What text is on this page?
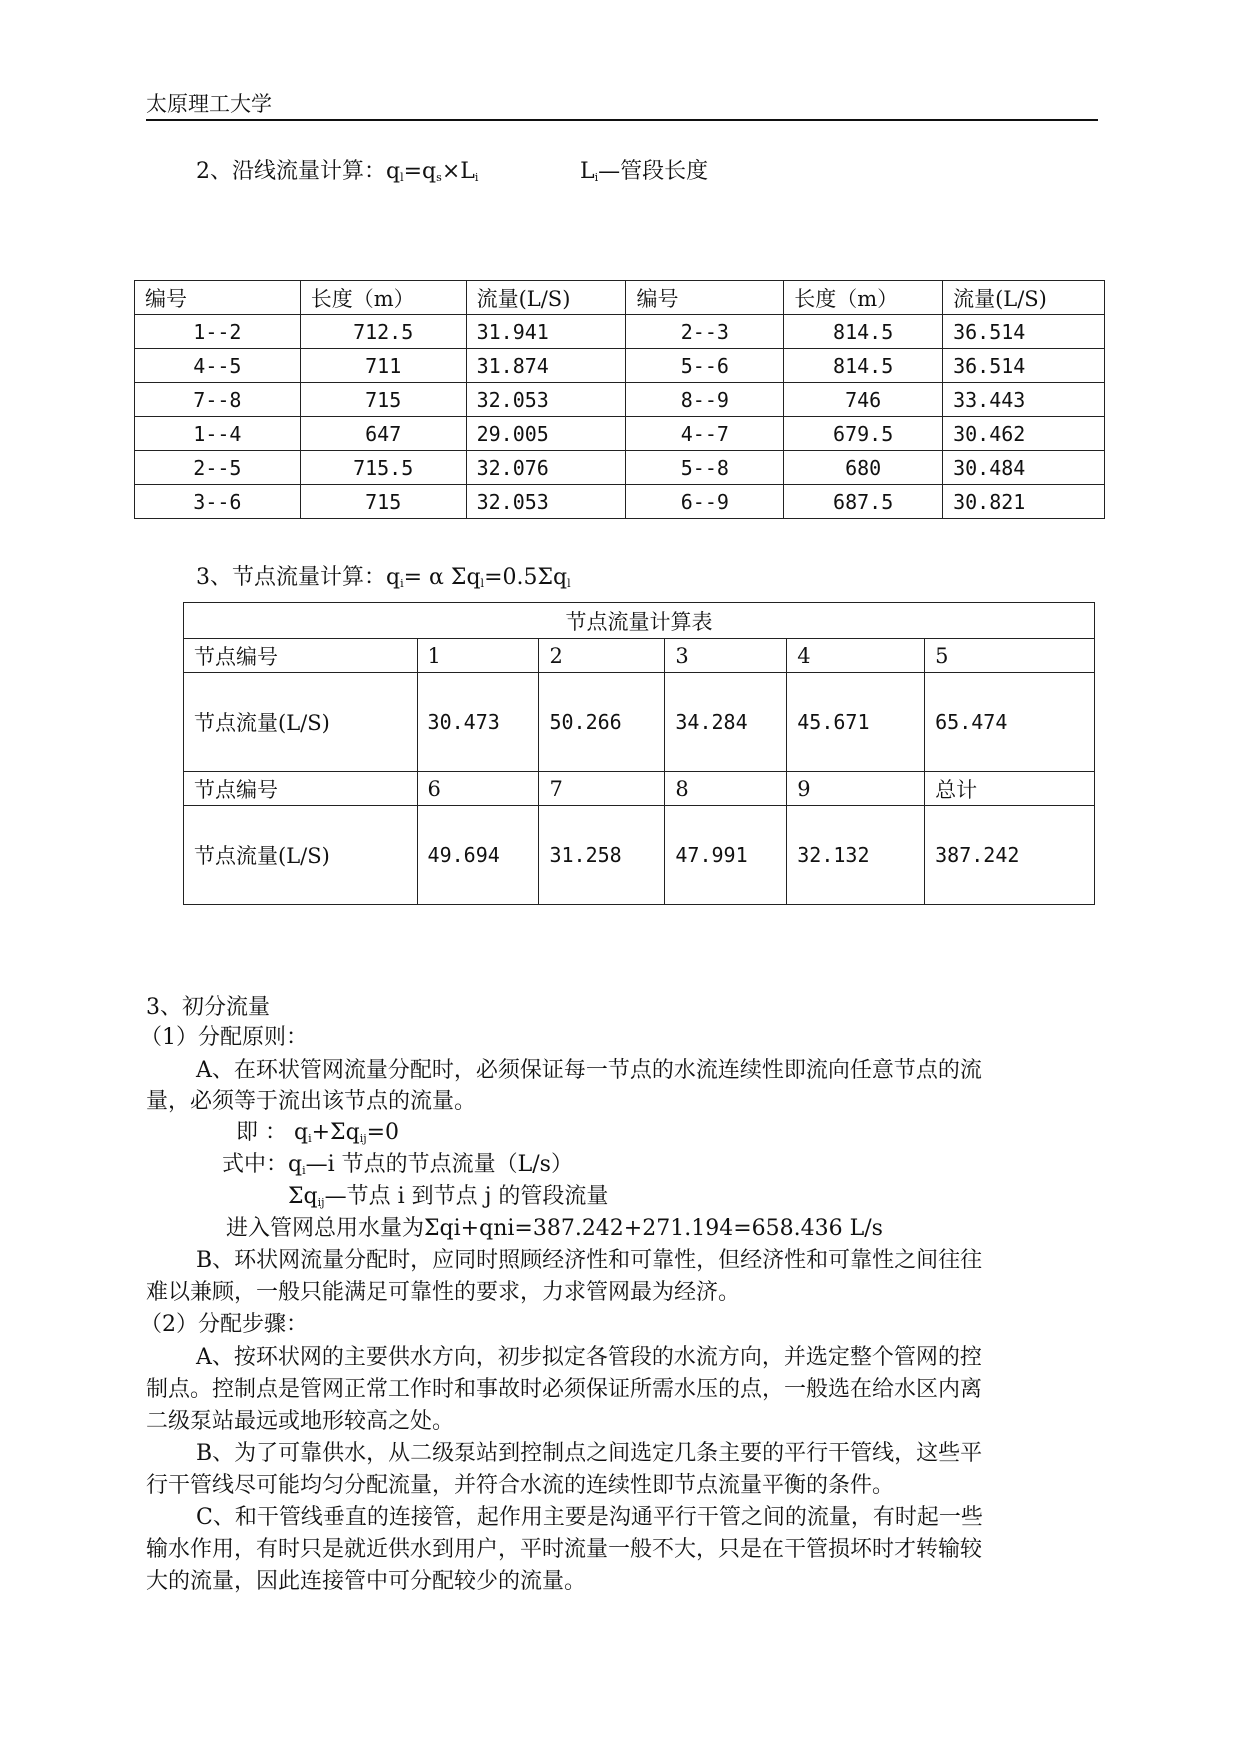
太原理工大学
2、沿线流量计算：$q_l=q_s\times L_i$	$L_i—$管段长度
编号	长度（m）	流量(L/S)	编号	长度（m）	流量(L/S)
1--2	712.5	31.941	2--3	814.5	36.514
4--5	711	31.874	5--6	814.5	36.514
7--8	715	32.053	8--9	746	33.443
1--4	647	29.005	4--7	679.5	30.462
2--5	715.5	32.076	5--8	680	30.484
3--6	715	32.053	6--9	687.5	30.821
3、节点流量计算：$q_i= \alpha$ $\Sigma q_l=0.5\Sigma q_l$
节点流量计算表					
节点编号	1	2	3	4	5
节点流量(L/S)	30.473	50.266	34.284	45.671	65.474
节点编号	6	7	8	9	总计
节点流量(L/S)	49.694	31.258	47.991	32.132	387.242
3、初分流量
（1）分配原则：
A、在环状管网流量分配时，必须保证每一节点的水流连续性即流向任意节点的流
量，必须等于流出该节点的流量。
即 ： $q_i+\Sigma q_{ij}=0$
式中：$q_i—i$ 节点的节点流量（L/s）
$\Sigma q_{ij}—$节点 i 到节点 j 的管段流量
进入管网总用水量为Σqi+qni=387.242+271.194=658.436 L/s
B、环状网流量分配时，应同时照顾经济性和可靠性，但经济性和可靠性之间往往
难以兼顾，一般只能满足可靠性的要求，力求管网最为经济。
（2）分配步骤：
A、按环状网的主要供水方向，初步拟定各管段的水流方向，并选定整个管网的控
制点。控制点是管网正常工作时和事故时必须保证所需水压的点，一般选在给水区内离
二级泵站最远或地形较高之处。
B、为了可靠供水，从二级泵站到控制点之间选定几条主要的平行干管线，这些平
行干管线尽可能均匀分配流量，并符合水流的连续性即节点流量平衡的条件。
C、和干管线垂直的连接管，起作用主要是沟通平行干管之间的流量，有时起一些
输水作用，有时只是就近供水到用户，平时流量一般不大，只是在干管损坏时才转输较
大的流量，因此连接管中可分配较少的流量。
